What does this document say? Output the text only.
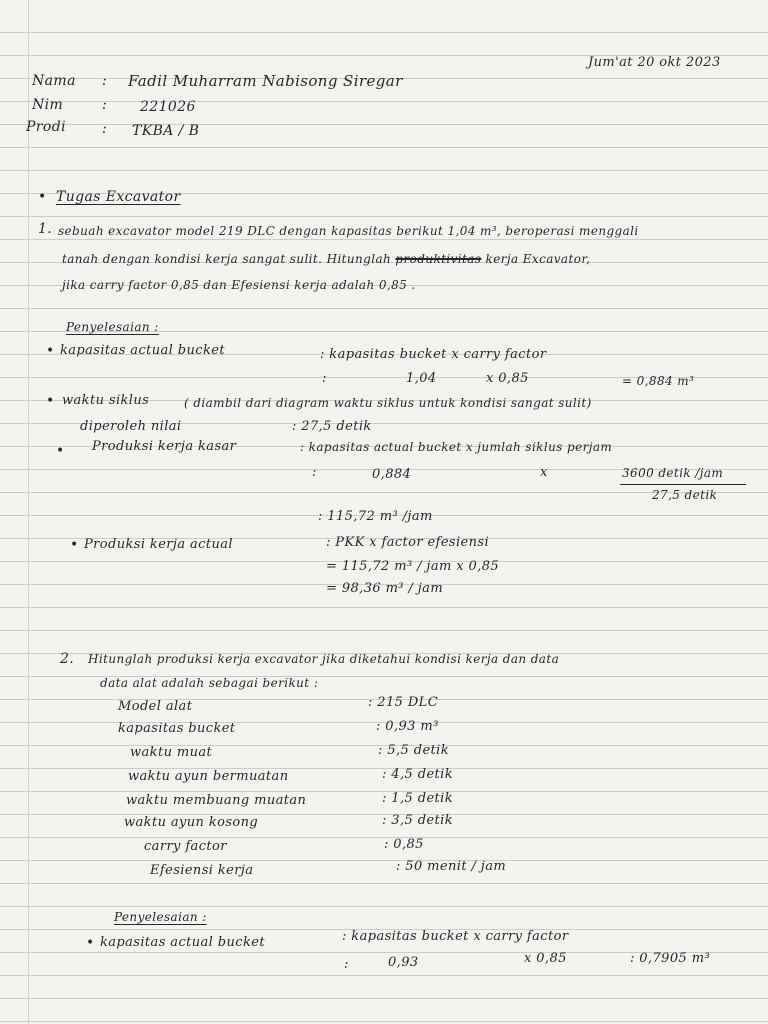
Jum'at 20 okt 2023
Nama : Fadil Muharram Nabisong Siregar
Nim	: 221026
Prodi	: TKBA / B
• Tugas Excavator
1. sebuah excavator model 219 DLC dengan kapasitas berikut 1,04 m³, beroperasi menggali
tanah dengan kondisi kerja sangat sulit. Hitunglah produktivitas kerja Excavator,
jika carry factor 0,85 dan Efesiensi kerja adalah 0,85 .
Penyelesaian :
• kapasitas actual bucket	: kapasitas bucket x carry factor
1,04	x 0,85	= 0,884 m³
:
• waktu siklus	( diambil dari diagram waktu siklus untuk kondisi sangat sulit)
diperoleh nilai	: 27,5 detik
• Produksi kerja kasar	: kapasitas actual bucket x jumlah siklus perjam
:	0,884	x	3600 detik /jam
27,5 detik
: 115,72 m³ /jam
• Produksi kerja actual	: PKK x factor efesiensi
= 115,72 m³ / jam x 0,85
= 98,36 m³ / jam
2. Hitunglah produksi kerja excavator jika diketahui kondisi kerja dan data
data alat adalah sebagai berikut :
Model alat	: 215 DLC
kapasitas bucket	: 0,93 m³
waktu muat	: 5,5 detik
waktu ayun bermuatan	: 4,5 detik
waktu membuang muatan	: 1,5 detik
waktu ayun kosong	: 3,5 detik
carry factor	: 0,85
Efesiensi kerja	: 50 menit / jam
Penyelesaian :
• kapasitas actual bucket	: kapasitas bucket x carry factor
:	0,93	x 0,85	: 0,7905 m³
